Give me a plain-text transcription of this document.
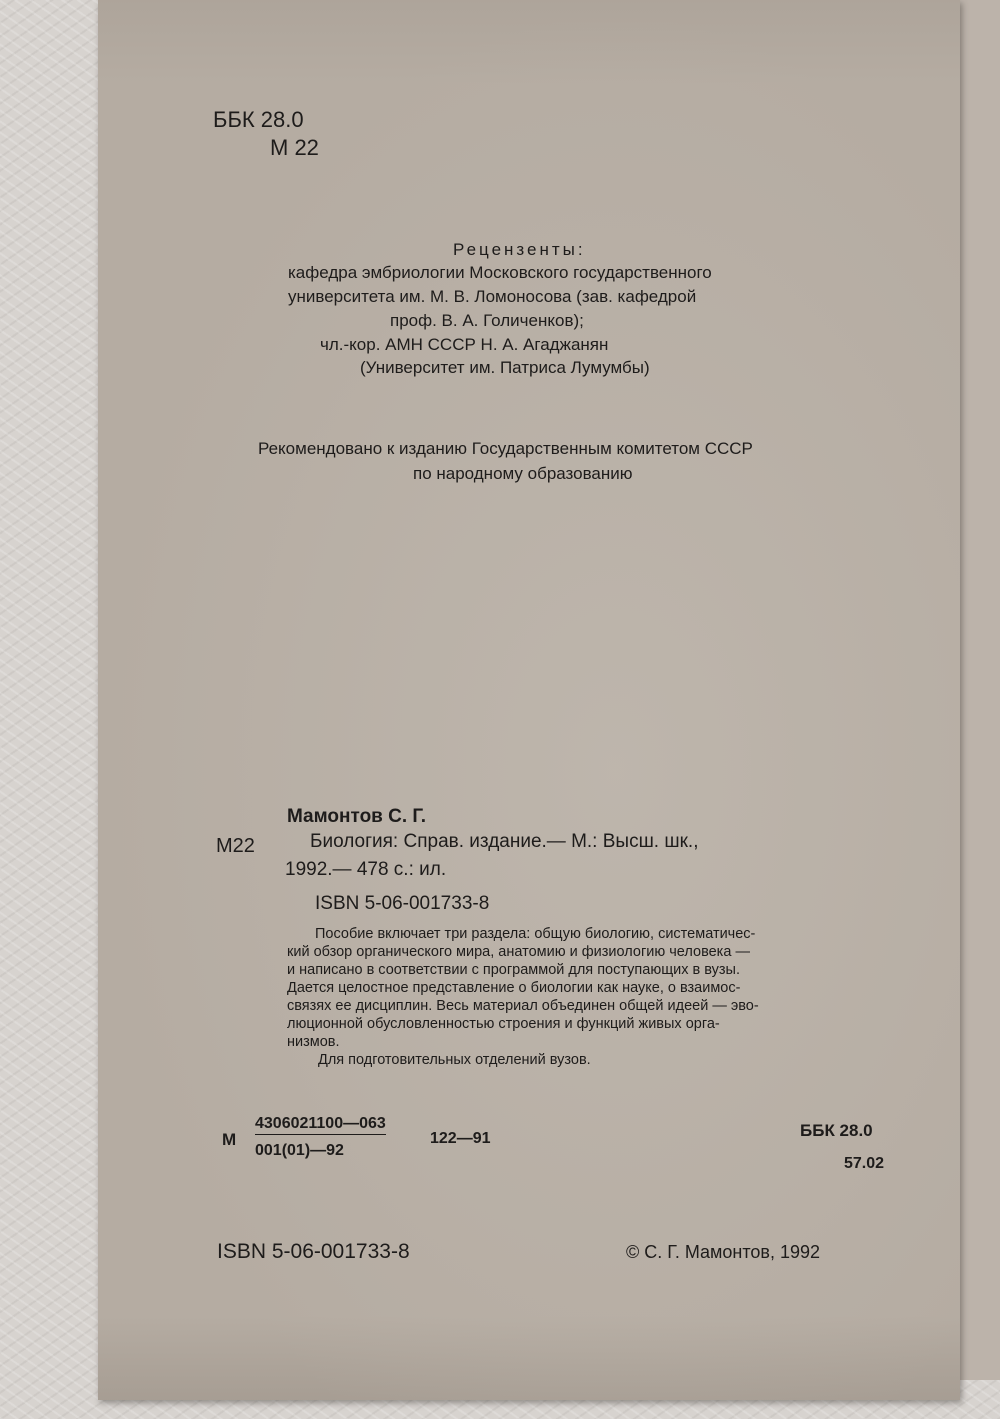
ББК 28.0
М 22
Рецензенты:
кафедра эмбриологии Московского государственного
университета им. М. В. Ломоносова (зав. кафедрой
проф. В. А. Голиченков);
чл.-кор. АМН СССР Н. А. Агаджанян
(Университет им. Патриса Лумумбы)
Рекомендовано к изданию Государственным комитетом СССР
по народному образованию
Мамонтов С. Г.
М22	Биология: Справ. издание.— М.: Высш. шк.,
1992.— 478 с.: ил.
ISBN 5-06-001733-8
Пособие включает три раздела: общую биологию, систематичес-
кий обзор органического мира, анатомию и физиологию человека —
и написано в соответствии с программой для поступающих в вузы.
Дается целостное представление о биологии как науке, о взаимос-
связях ее дисциплин. Весь материал объединен общей идеей — эво-
люционной обусловленностью строения и функций живых орга-
низмов.
Для подготовительных отделений вузов.
М
4306021100—063
001(01)—92
122—91	ББК 28.0
57.02
ISBN 5-06-001733-8	© С. Г. Мамонтов, 1992
